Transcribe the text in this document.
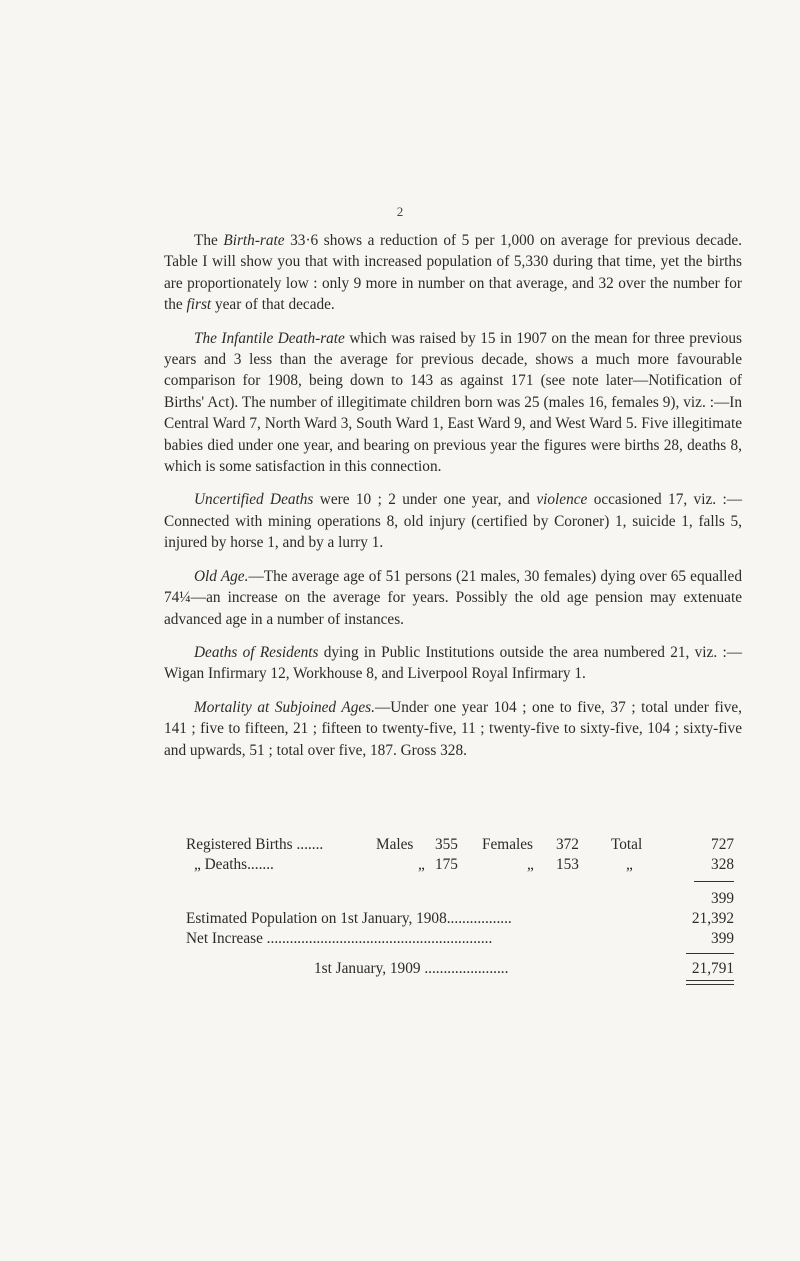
2

The Birth-rate 33·6 shows a reduction of 5 per 1,000 on average for previous decade. Table I will show you that with increased population of 5,330 during that time, yet the births are proportionately low : only 9 more in number on that average, and 32 over the number for the first year of that decade.

The Infantile Death-rate which was raised by 15 in 1907 on the mean for three previous years and 3 less than the average for previous decade, shows a much more favourable comparison for 1908, being down to 143 as against 171 (see note later—Notification of Births' Act). The number of illegitimate children born was 25 (males 16, females 9), viz. :—In Central Ward 7, North Ward 3, South Ward 1, East Ward 9, and West Ward 5. Five illegitimate babies died under one year, and bearing on previous year the figures were births 28, deaths 8, which is some satisfaction in this connection.

Uncertified Deaths were 10 ; 2 under one year, and violence occasioned 17, viz. :—Connected with mining operations 8, old injury (certified by Coroner) 1, suicide 1, falls 5, injured by horse 1, and by a lurry 1.

Old Age.—The average age of 51 persons (21 males, 30 females) dying over 65 equalled 74¼—an increase on the average for years. Possibly the old age pension may extenuate advanced age in a number of instances.

Deaths of Residents dying in Public Institutions outside the area numbered 21, viz. :—Wigan Infirmary 12, Workhouse 8, and Liverpool Royal Infirmary 1.

Mortality at Subjoined Ages.—Under one year 104 ; one to five, 37 ; total under five, 141 ; five to fifteen, 21 ; fifteen to twenty-five, 11 ; twenty-five to sixty-five, 104 ; sixty-five and upwards, 51 ; total over five, 187. Gross 328.

Registered Births .......	Males 355 Females 372 Total	727
„ Deaths.......	„ 175	„ 153	„	328
399
Estimated Population on 1st January, 1908.................	21,392
Net Increase ...........................................................	399
1st January, 1909 ......................	21,791
